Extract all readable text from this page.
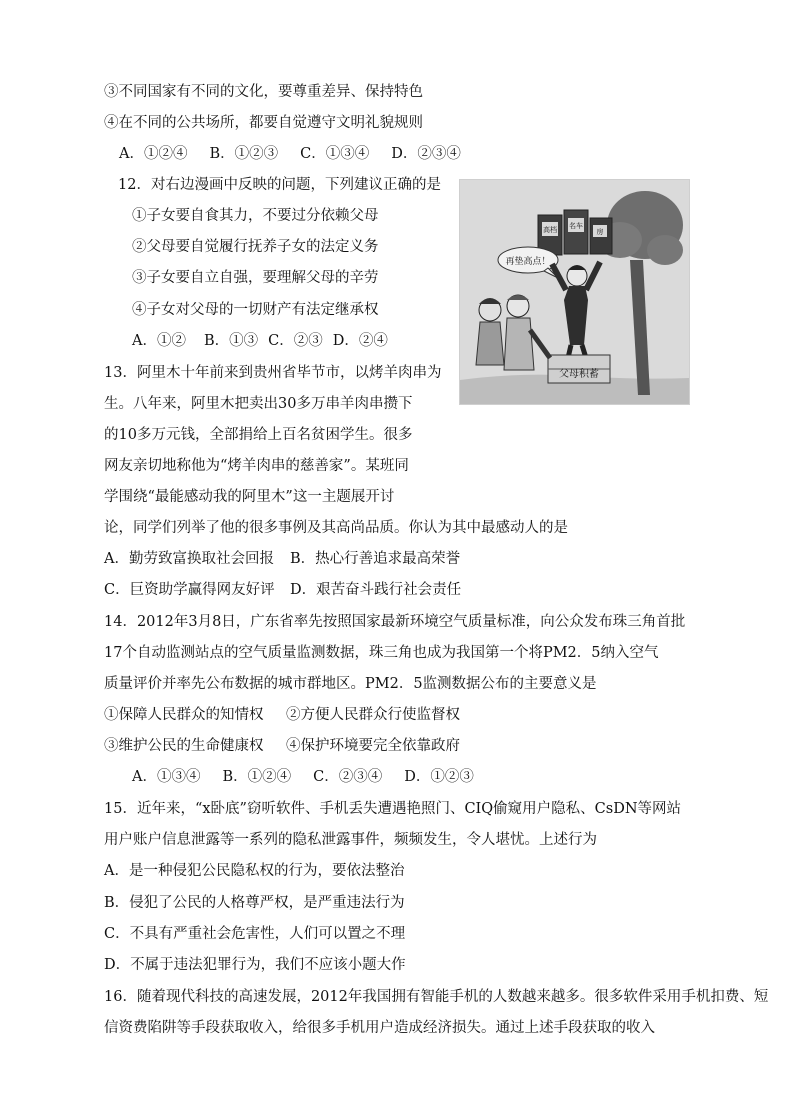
③不同国家有不同的文化，要尊重差异、保持特色
④在不同的公共场所，都要自觉遵守文明礼貌规则
A．①②④ B．①②③ C．①③④ D．②③④
12．对右边漫画中反映的问题，下列建议正确的是
①子女要自食其力，不要过分依赖父母
②父母要自觉履行抚养子女的法定义务
③子女要自立自强，要理解父母的辛劳
④子女对父母的一切财产有法定继承权
A．①② B．①③ C．②③ D．②④
高档 名车
房
再垫高点！
父母积蓄
13．阿里木十年前来到贵州省毕节市，以烤羊肉串为
生。八年来，阿里木把卖出30多万串羊肉串攒下
的10多万元钱，全部捐给上百名贫困学生。很多
网友亲切地称他为“烤羊肉串的慈善家”。某班同
学围绕“最能感动我的阿里木”这一主题展开讨
论，同学们列举了他的很多事例及其高尚品质。你认为其中最感动人的是
A．勤劳致富换取社会回报 B．热心行善追求最高荣誉
C．巨资助学赢得网友好评 D．艰苦奋斗践行社会责任
14．2012年3月8日，广东省率先按照国家最新环境空气质量标准，向公众发布珠三角首批
17个自动监测站点的空气质量监测数据，珠三角也成为我国第一个将PM2．5纳入空气
质量评价并率先公布数据的城市群地区。PM2．5监测数据公布的主要意义是
①保障人民群众的知情权 ②方便人民群众行使监督权
③维护公民的生命健康权 ④保护环境要完全依靠政府
A．①③④ B．①②④ C．②③④ D．①②③
15．近年来，“x卧底”窃听软件、手机丢失遭遇艳照门、CIQ偷窥用户隐私、CsDN等网站
用户账户信息泄露等一系列的隐私泄露事件，频频发生，令人堪忧。上述行为
A．是一种侵犯公民隐私权的行为，要依法整治
B．侵犯了公民的人格尊严权，是严重违法行为
C．不具有严重社会危害性，人们可以置之不理
D．不属于违法犯罪行为，我们不应该小题大作
16．随着现代科技的高速发展，2012年我国拥有智能手机的人数越来越多。很多软件采用手机扣费、短
信资费陷阱等手段获取收入，给很多手机用户造成经济损失。通过上述手段获取的收入
